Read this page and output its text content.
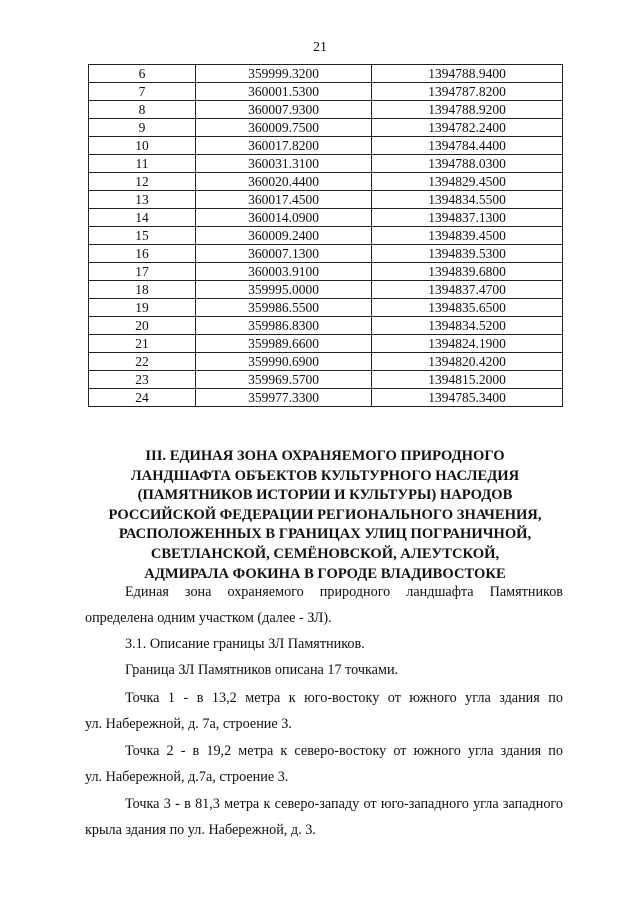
21
6	359999.3200	1394788.9400
7	360001.5300	1394787.8200
8	360007.9300	1394788.9200
9	360009.7500	1394782.2400
10	360017.8200	1394784.4400
11	360031.3100	1394788.0300
12	360020.4400	1394829.4500
13	360017.4500	1394834.5500
14	360014.0900	1394837.1300
15	360009.2400	1394839.4500
16	360007.1300	1394839.5300
17	360003.9100	1394839.6800
18	359995.0000	1394837.4700
19	359986.5500	1394835.6500
20	359986.8300	1394834.5200
21	359989.6600	1394824.1900
22	359990.6900	1394820.4200
23	359969.5700	1394815.2000
24	359977.3300	1394785.3400
III. ЕДИНАЯ ЗОНА ОХРАНЯЕМОГО ПРИРОДНОГО
ЛАНДШАФТА ОБЪЕКТОВ КУЛЬТУРНОГО НАСЛЕДИЯ
(ПАМЯТНИКОВ ИСТОРИИ И КУЛЬТУРЫ) НАРОДОВ
РОССИЙСКОЙ ФЕДЕРАЦИИ РЕГИОНАЛЬНОГО ЗНАЧЕНИЯ,
РАСПОЛОЖЕННЫХ В ГРАНИЦАХ УЛИЦ ПОГРАНИЧНОЙ,
СВЕТЛАНСКОЙ, СЕМЁНОВСКОЙ, АЛЕУТСКОЙ,
АДМИРАЛА ФОКИНА В ГОРОДЕ ВЛАДИВОСТОКЕ
Единая зона охраняемого природного ландшафта Памятников
определена одним участком (далее - ЗЛ).
3.1. Описание границы ЗЛ Памятников.
Граница ЗЛ Памятников описана 17 точками.
Точка 1 - в 13,2 метра к юго-востоку от южного угла здания по
ул. Набережной, д. 7а, строение 3.
Точка 2 - в 19,2 метра к северо-востоку от южного угла здания по
ул. Набережной, д.7а, строение 3.
Точка 3 - в 81,3 метра к северо-западу от юго-западного угла западного
крыла здания по ул. Набережной, д. 3.
